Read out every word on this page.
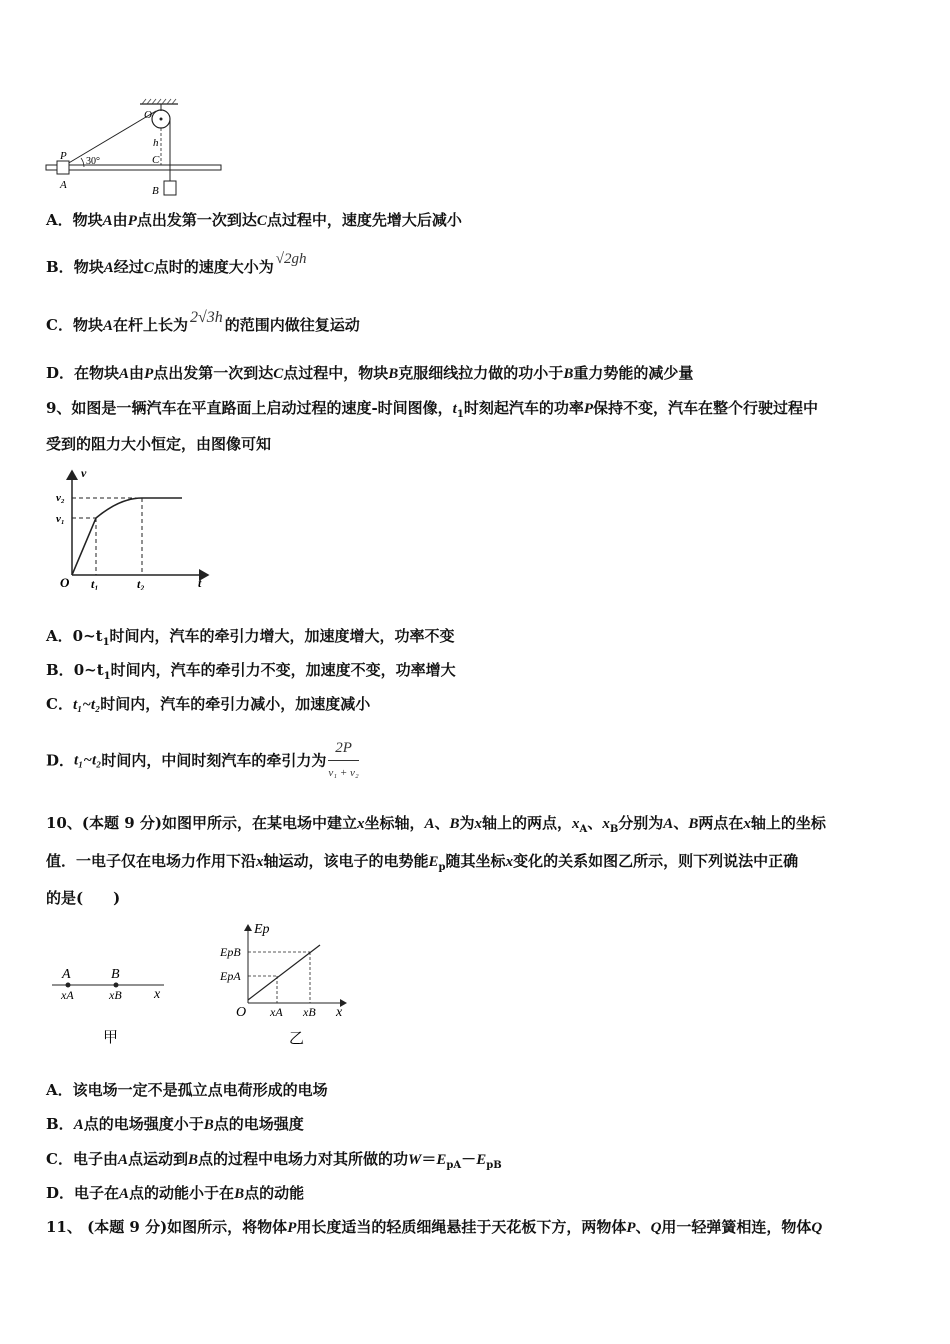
O
P 30°
h
C
A	B
A．物块A由P点出发第一次到达C点过程中，速度先增大后减小
B．物块A经过C点时的速度大小为 √2gh
C．物块A在杆上长为 2√3h 的范围内做往复运动
D．在物块A由P点出发第一次到达C点过程中，物块B克服细线拉力做的功小于B重力势能的减少量
9、如图是一辆汽车在平直路面上启动过程的速度-时间图像，$t_1$时刻起汽车的功率P保持不变，汽车在整个行驶过程中
受到的阻力大小恒定，由图像可知
v
v₂
v₁
O t₁	t₂	t
A．$0\sim t_1$时间内，汽车的牵引力增大，加速度增大，功率不变
B．$0\sim t_1$时间内，汽车的牵引力不变，加速度不变，功率增大
C．t₁~t₂时间内，汽车的牵引力减小，加速度减小
D．t₁~t₂时间内，中间时刻汽车的牵引力为 $\frac{2P}{\text{v₁ + v₂}}$
10、(本题 9 分)如图甲所示，在某电场中建立x坐标轴，A、B为x轴上的两点，$x_A$、$x_B$分别为A、B两点在x轴上的坐标
值．一电子仅在电场力作用下沿x轴运动，该电子的电势能$E_p$随其坐标x变化的关系如图乙所示，则下列说法中正确
的是(　　)
A	B
xA	xB x
甲
Ep
EpB
EpA
O xA xB x
乙
A．该电场一定不是孤立点电荷形成的电场
B．A点的电场强度小于B点的电场强度
C．电子由A点运动到B点的过程中电场力对其所做的功$W=E_{pA}-E_{pB}$
D．电子在A点的动能小于在B点的动能
11、 (本题 9 分)如图所示，将物体P用长度适当的轻质细绳悬挂于天花板下方，两物体P、Q用一轻弹簧相连，物体Q
